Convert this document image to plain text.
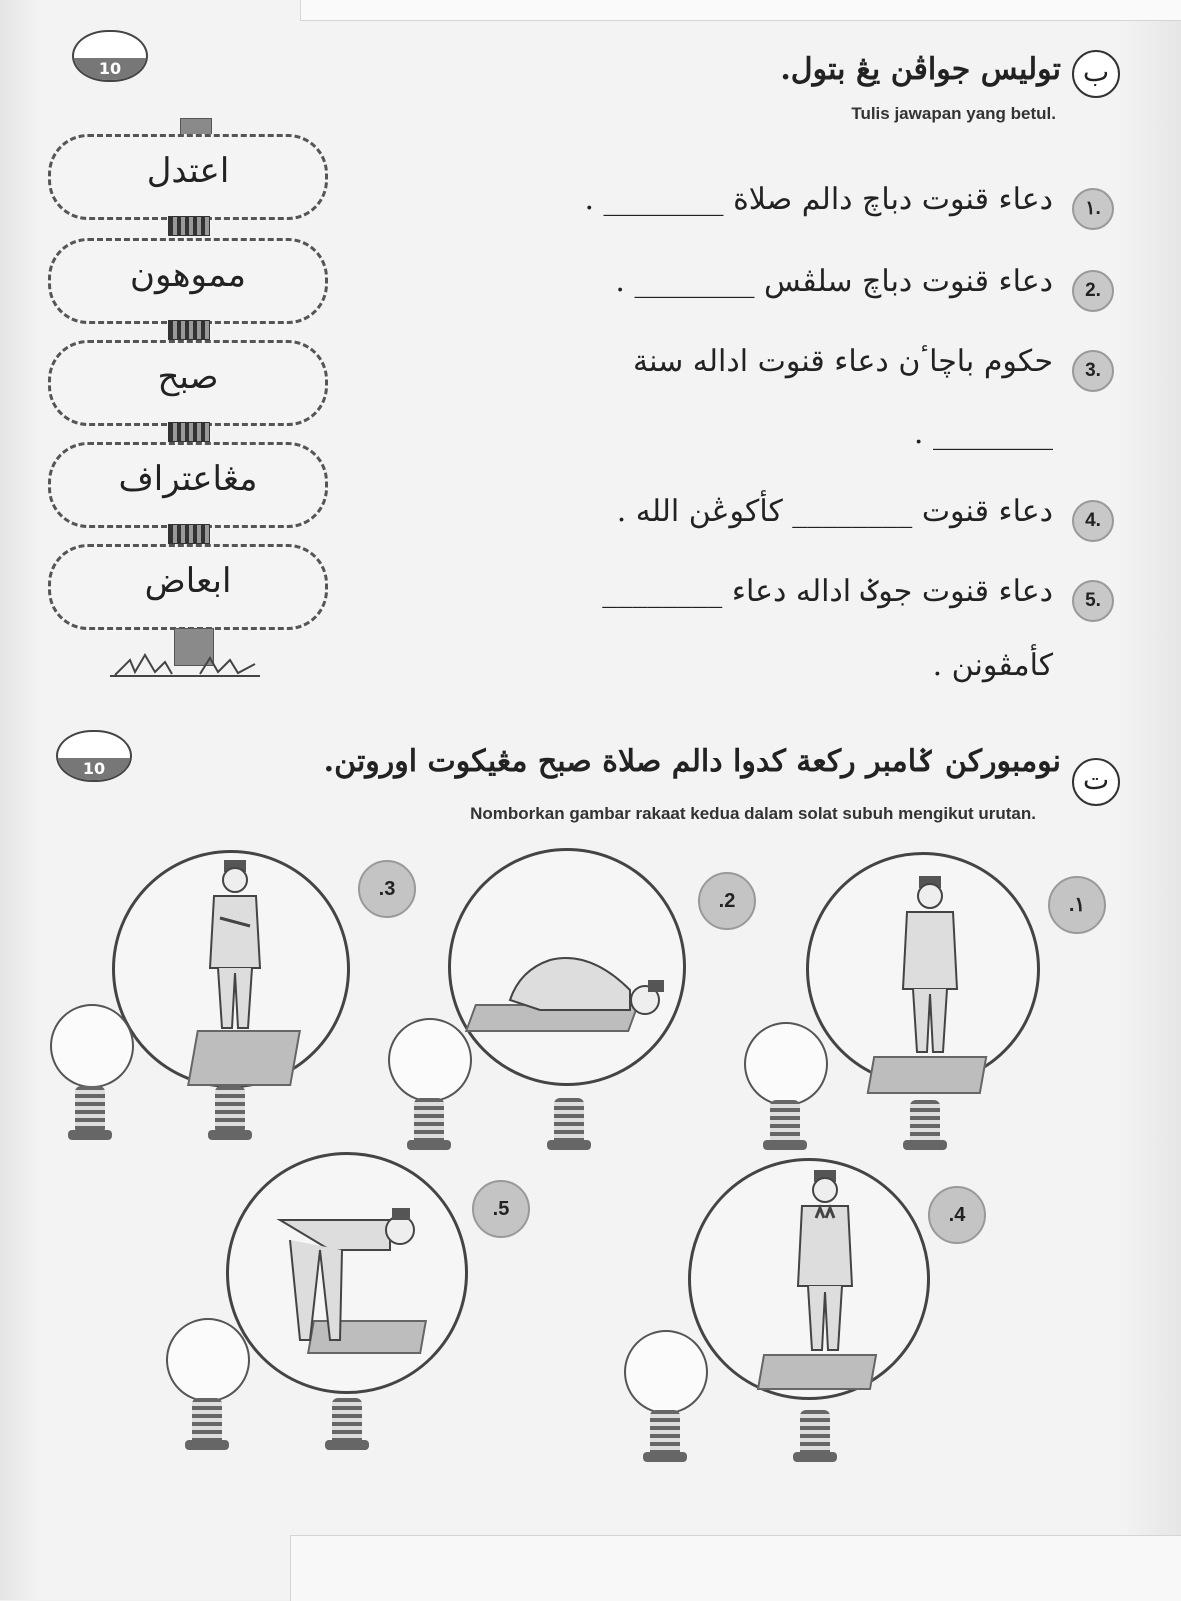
10	ب
توليس جواڤن يڠ بتول.
Tulis jawapan yang betul.
اعتدل
مموهون
صبح
مڠاعتراف
ابعاض
١.
دعاء قنوت دباچ دالم صلاة ________ .
2.
دعاء قنوت دباچ سلڤس ________ .
3.
حکوم باچاٴن دعاء قنوت اداله سنة
________ .
4.
دعاء قنوت ________ کأکوڠن الله .
5.
دعاء قنوت جوݢ اداله دعاء ________
کأمڤونن .
10	ت
نومبورکن ݢامبر رکعة کدوا دالم صلاة صبح مڠيکوت اوروتن.
Nomborkan gambar rakaat kedua dalam solat subuh mengikut urutan.
.3
.2	.١
.5	.4
